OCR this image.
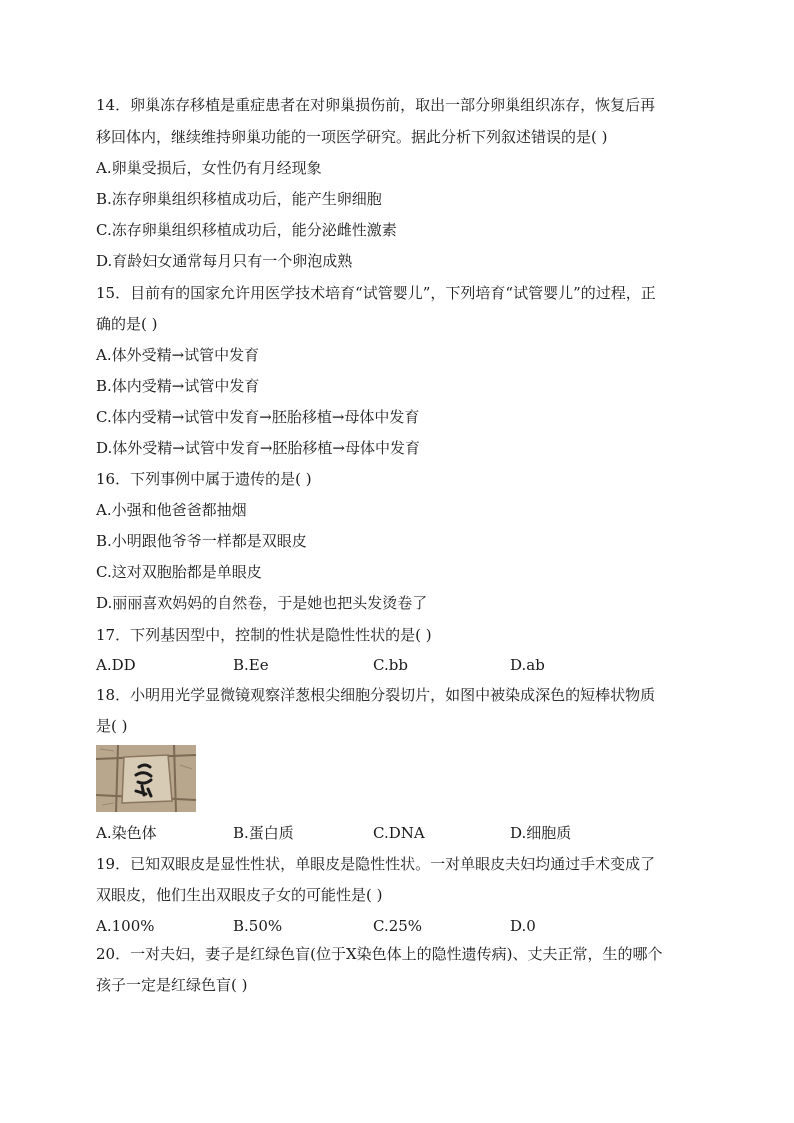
14．卵巢冻存移植是重症患者在对卵巢损伤前，取出一部分卵巢组织冻存，恢复后再
移回体内，继续维持卵巢功能的一项医学研究。据此分析下列叙述错误的是( )
A.卵巢受损后，女性仍有月经现象
B.冻存卵巢组织移植成功后，能产生卵细胞
C.冻存卵巢组织移植成功后，能分泌雌性激素
D.育龄妇女通常每月只有一个卵泡成熟
15．目前有的国家允许用医学技术培育“试管婴儿”，下列培育“试管婴儿”的过程，正
确的是( )
A.体外受精→试管中发育
B.体内受精→试管中发育
C.体内受精→试管中发育→胚胎移植→母体中发育
D.体外受精→试管中发育→胚胎移植→母体中发育
16．下列事例中属于遗传的是( )
A.小强和他爸爸都抽烟
B.小明跟他爷爷一样都是双眼皮
C.这对双胞胎都是单眼皮
D.丽丽喜欢妈妈的自然卷，于是她也把头发烫卷了
17．下列基因型中，控制的性状是隐性性状的是( )
A.DD	B.Ee	C.bb	D.ab
18．小明用光学显微镜观察洋葱根尖细胞分裂切片，如图中被染成深色的短棒状物质
是( )
A.染色体	B.蛋白质	C.DNA	D.细胞质
19．已知双眼皮是显性性状，单眼皮是隐性性状。一对单眼皮夫妇均通过手术变成了
双眼皮，他们生出双眼皮子女的可能性是( )
A.100%	B.50%	C.25%	D.0
20．一对夫妇，妻子是红绿色盲(位于X染色体上的隐性遗传病)、丈夫正常，生的哪个
孩子一定是红绿色盲( )
